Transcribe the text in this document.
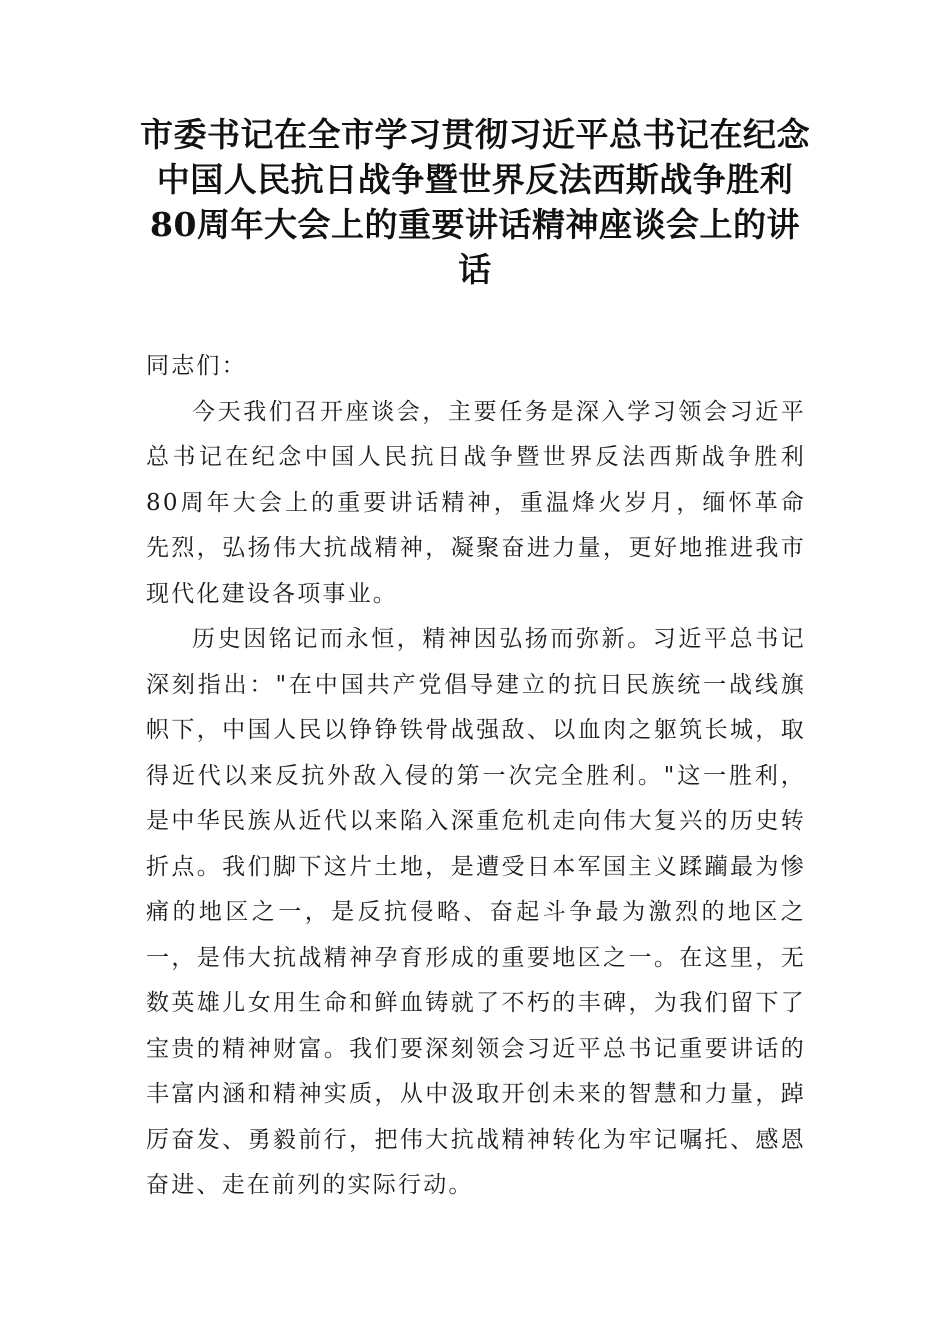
市委书记在全市学习贯彻习近平总书记在纪念中国人民抗日战争暨世界反法西斯战争胜利80周年大会上的重要讲话精神座谈会上的讲话

同志们：

今天我们召开座谈会，主要任务是深入学习领会习近平总书记在纪念中国人民抗日战争暨世界反法西斯战争胜利80周年大会上的重要讲话精神，重温烽火岁月，缅怀革命先烈，弘扬伟大抗战精神，凝聚奋进力量，更好地推进我市现代化建设各项事业。

历史因铭记而永恒，精神因弘扬而弥新。习近平总书记深刻指出："在中国共产党倡导建立的抗日民族统一战线旗帜下，中国人民以铮铮铁骨战强敌、以血肉之躯筑长城，取得近代以来反抗外敌入侵的第一次完全胜利。"这一胜利，是中华民族从近代以来陷入深重危机走向伟大复兴的历史转折点。我们脚下这片土地，是遭受日本军国主义蹂躏最为惨痛的地区之一，是反抗侵略、奋起斗争最为激烈的地区之一，是伟大抗战精神孕育形成的重要地区之一。在这里，无数英雄儿女用生命和鲜血铸就了不朽的丰碑，为我们留下了宝贵的精神财富。我们要深刻领会习近平总书记重要讲话的丰富内涵和精神实质，从中汲取开创未来的智慧和力量，踔厉奋发、勇毅前行，把伟大抗战精神转化为牢记嘱托、感恩奋进、走在前列的实际行动。
